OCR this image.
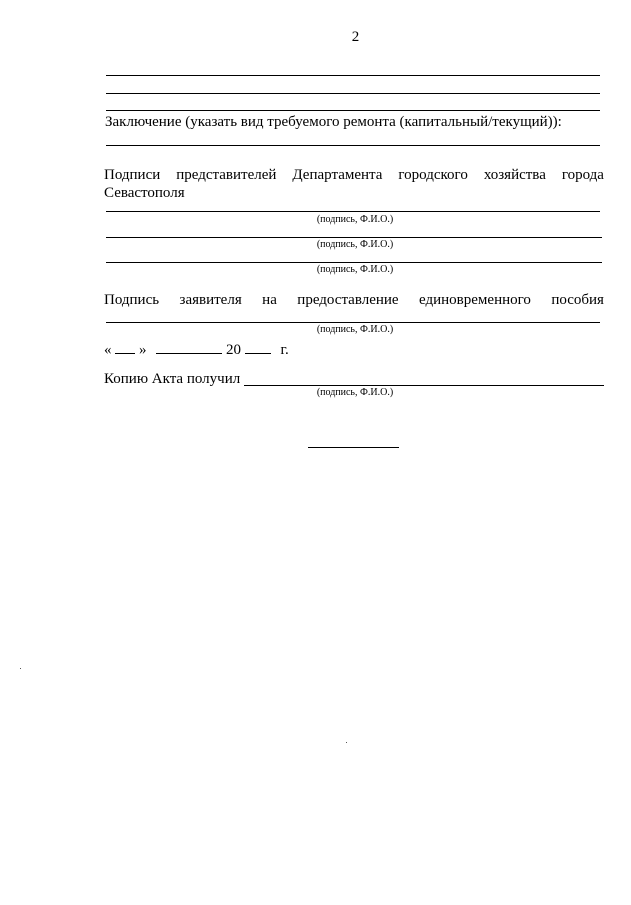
2
Заключение (указать вид требуемого ремонта (капитальный/текущий)):
Подписи представителей Департамента городского хозяйства города
Севастополя
(подпись, Ф.И.О.)
(подпись, Ф.И.О.)
(подпись, Ф.И.О.)
Подпись заявителя на предоставление единовременного пособия
(подпись, Ф.И.О.)
« »	20	г.
Копию Акта получил
(подпись, Ф.И.О.)
